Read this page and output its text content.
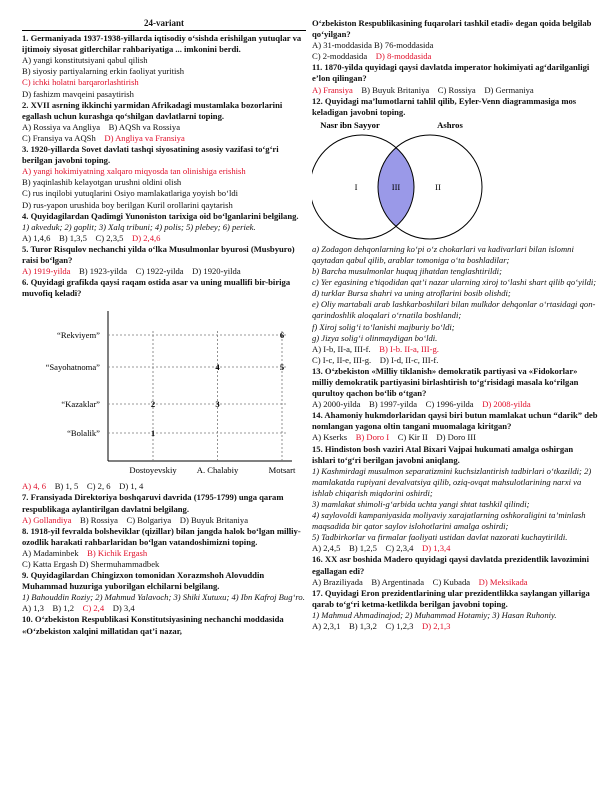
24-variant

1. Germaniyada 1937-1938-yillarda iqtisodiy o‘sishda erishilgan yutuqlar va ijtimoiy siyosat gitlerchilar rahbariyatiga ... imkonini berdi.

A) yangi konstitutsiyani qabul qilish

B) siyosiy partiyalarning erkin faoliyat yuritish

C) ichki holatni barqarorlashtirish

D) fashizm mavqeini pasaytirish

2. XVII asrning ikkinchi yarmidan Afrikadagi mustamlaka bozorlarini egallash uchun kurashga qo‘shilgan davlatlarni toping.

A) Rossiya va Angliya    B) AQSh va Rossiya

C) Fransiya va AQSh    D) Angliya va Fransiya

3. 1920-yillarda Sovet davlati tashqi siyosatining asosiy vazifasi to‘g‘ri berilgan javobni toping.

A) yangi hokimiyatning xalqaro miqyosda tan olinishiga erishish

B) yaqinlashib kelayotgan urushni oldini olish

C) rus inqilobi yutuqlarini Osiyo mamlakatlariga yoyish bo‘ldi

D) rus-yapon urushida boy berilgan Kuril orollarini qaytarish

4. Quyidagilardan Qadimgi Yunoniston tarixiga oid bo‘lganlarini belgilang.

1) akveduk; 2) goplit; 3) Xalq tribuni; 4) polis; 5) plebey; 6) periek.

A) 1,4,6    B) 1,3,5    C) 2,3,5    D) 2,4,6

5. Turor Risqulov nechanchi yilda o‘lka Musulmonlar byurosi (Musbyuro) raisi bo‘lgan?

A) 1919-yilda    B) 1923-yilda    C) 1922-yilda    D) 1920-yilda

6. Quyidagi grafikda qaysi raqam ostida asar va uning muallifi bir-biriga muvofiq keladi?

“Bolalik”
“Kazaklar”
“Sayohatnoma”
“Rekviyem”
Dostoyevskiy A. Chalabiy	Motsart
1
2	3
4	5
6

A) 4, 6    B) 1, 5    C) 2, 6    D) 1, 4

7. Fransiyada Direktoriya boshqaruvi davrida (1795-1799) unga qaram respublikaga aylantirilgan davlatni belgilang.

A) Gollandiya    B) Rossiya    C) Bolgariya    D) Buyuk Britaniya

8. 1918-yil fevralda bolsheviklar (qizillar) bilan jangda halok bo‘lgan milliy-ozodlik harakati rahbarlaridan bo‘lgan vatandoshimizni toping.

A) Madaminbek    B) Kichik Ergash

C) Katta Ergash D) Shermuhammadbek

9. Quyidagilardan Chingizxon tomonidan Xorazmshoh Alovuddin Muhammad huzuriga yuborilgan elchilarni belgilang.

1) Bahouddin Roziy; 2) Mahmud Yalavoch; 3) Shiki Xutuxu; 4) Ibn Kafroj Bug‘ro.

A) 1,3    B) 1,2    C) 2,4    D) 3,4

10. O‘zbekiston Respublikasi Konstitutsiyasining nechanchi moddasida «O‘zbekiston xalqini millatidan qat’i nazar,

O‘zbekiston Respublikasining fuqarolari tashkil etadi» degan qoida belgilab qo‘yilgan?

A) 31-moddasida B) 76-moddasida

C) 2-moddasida    D) 8-moddasida

11. 1870-yilda quyidagi qaysi davlatda imperator hokimiyati ag‘darilganligi e’lon qilingan?

A) Fransiya    B) Buyuk Britaniya    C) Rossiya    D) Germaniya

12. Quyidagi ma’lumotlarni tahlil qilib, Eyler-Venn diagrammasiga mos keladigan javobni toping.

Nasr ibn Sayyor	Ashros
I	III	II

a) Zodagon dehqonlarning ko‘pi o‘z chokarlari va kadivarlari bilan islomni qaytadan qabul qilib, arablar tomoniga o‘ta boshladilar;

b) Barcha musulmonlar huquq jihatdan tenglashtirildi;

c) Yer egasining e’tiqodidan qat’i nazar ularning xiroj to‘lashi shart qilib qo‘yildi;

d) turklar Bursa shahri va uning atroflarini bosib olishdi;

e) Oliy martabali arab lashkarboshilari bilan mulkdor dehqonlar o‘rtasidagi qon-qarindoshlik aloqalari o‘rnatila boshlandi;

f) Xiroj solig‘i to‘lanishi majburiy bo‘ldi;

g) Jizya solig‘i olinmaydigan bo‘ldi.

A) I-b, II-a, III-f.    B) I-b. II-a, III-g.

C) I-c, II-e, III-g.    D) I-d, II-c, III-f.

13. O‘zbekiston «Milliy tiklanish» demokratik partiyasi va «Fidokorlar» milliy demokratik partiyasini birlashtirish to‘g‘risidagi masala ko‘rilgan qurultoy qachon bo‘lib o‘tgan?

A) 2000-yilda    B) 1997-yilda    C) 1996-yilda    D) 2008-yilda

14. Ahamoniy hukmdorlaridan qaysi biri butun mamlakat uchun “darik” deb nomlangan yagona oltin tangani muomalaga kiritgan?

A) Kserks    B) Doro I    C) Kir II    D) Doro III

15. Hindiston bosh vaziri Atal Bixari Vajpai hukumati amalga oshirgan ishlari to‘g‘ri berilgan javobni aniqlang.

1) Kashmirdagi musulmon separatizmini kuchsizlantirish tadbirlari o‘tkazildi; 2) mamlakatda rupiyani devalvatsiya qilib, oziq-ovqat mahsulotlarining narxi va ishlab chiqarish miqdorini oshirdi;

3) mamlakat shimoli-g‘arbida uchta yangi shtat tashkil qilindi;

4) saylovoldi kampaniyasida moliyaviy xarajatlarning oshkoraligini ta’minlash maqsadida bir qator saylov islohotlarini amalga oshirdi;

5) Tadbirkorlar va firmalar faoliyati ustidan davlat nazorati kuchaytirildi.

A) 2,4,5    B) 1,2,5    C) 2,3,4    D) 1,3,4

16. XX asr boshida Madero quyidagi qaysi davlatda prezidentlik lavozimini egallagan edi?

A) Braziliyada    B) Argentinada    C) Kubada    D) Meksikada

17. Quyidagi Eron prezidentlarining ular prezidentlikka saylangan yillariga qarab to‘g‘ri ketma-ketlikda berilgan javobni toping.

1) Mahmud Ahmadinajod; 2) Muhammad Hotamiy; 3) Hasan Ruhoniy.

A) 2,3,1    B) 1,3,2    C) 1,2,3    D) 2,1,3
